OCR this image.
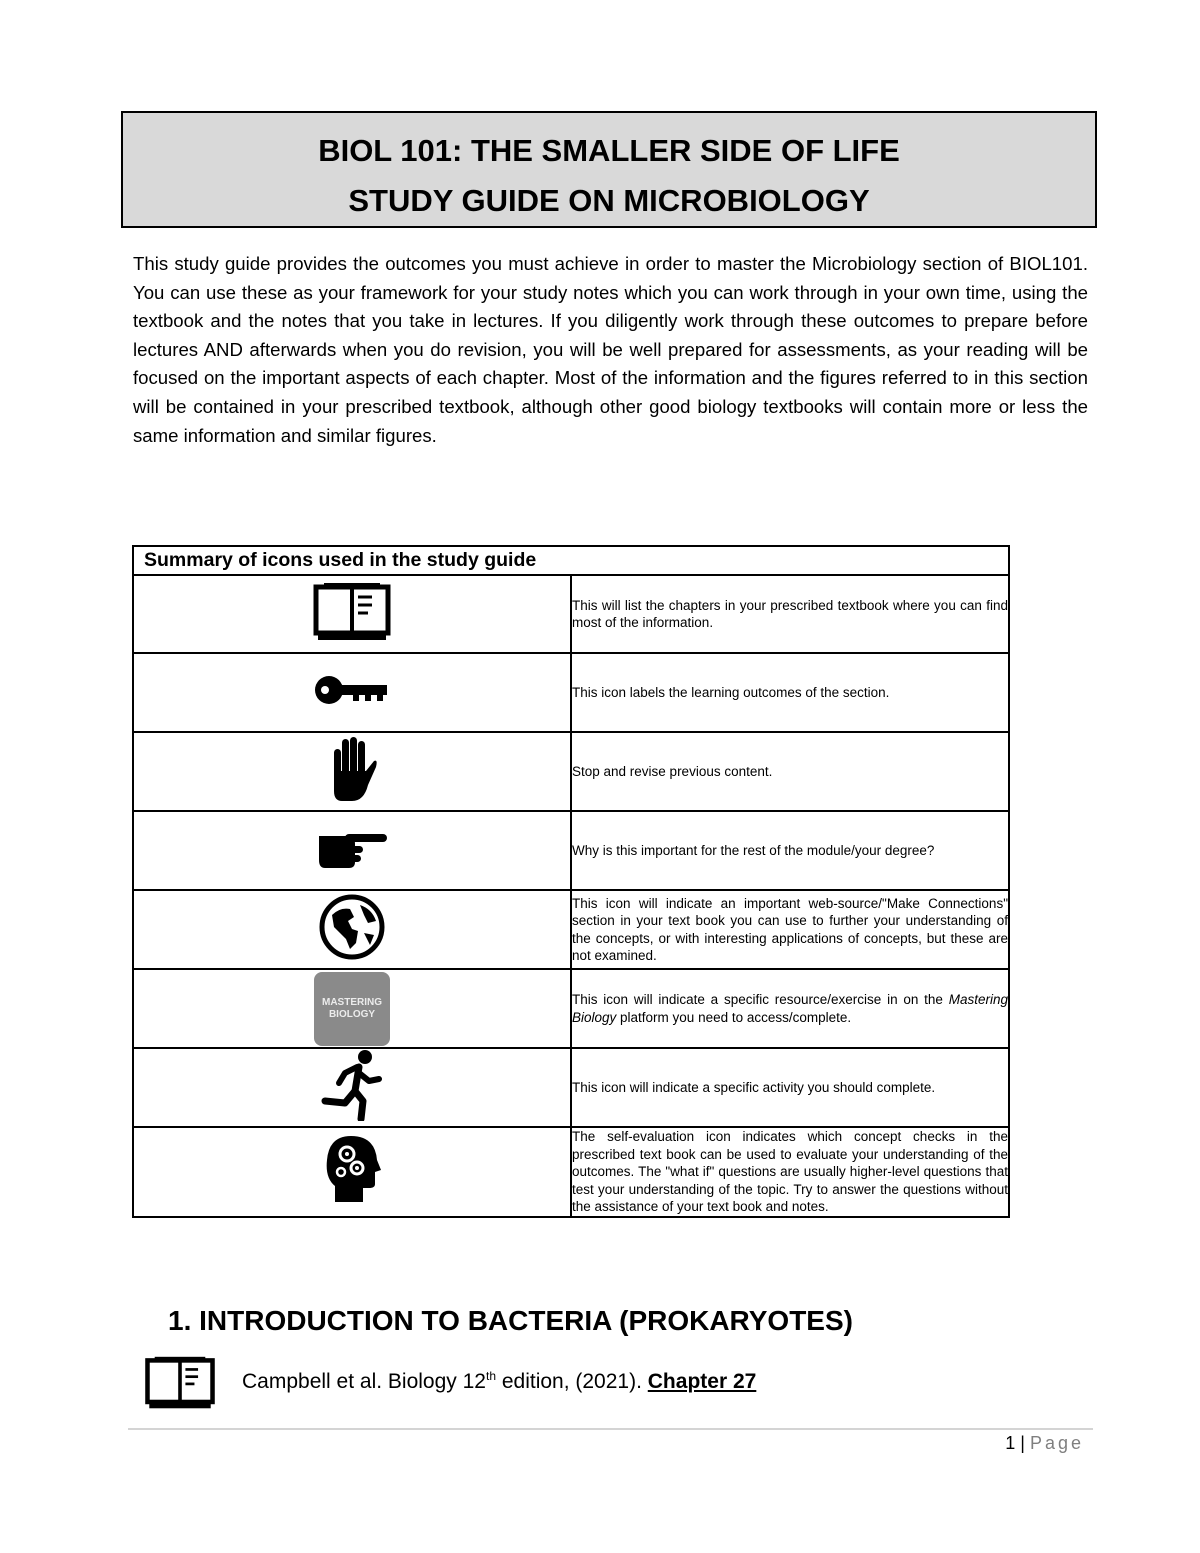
BIOL 101: THE SMALLER SIDE OF LIFE
STUDY GUIDE ON MICROBIOLOGY

This study guide provides the outcomes you must achieve in order to master the Microbiology section of BIOL101. You can use these as your framework for your study notes which you can work through in your own time, using the textbook and the notes that you take in lectures. If you diligently work through these outcomes to prepare before lectures AND afterwards when you do revision, you will be well prepared for assessments, as your reading will be focused on the important aspects of each chapter. Most of the information and the figures referred to in this section will be contained in your prescribed textbook, although other good biology textbooks will contain more or less the same information and similar figures.

Summary of icons used in the study guide	
	This will list the chapters in your prescribed textbook where you can find most of the information.
	This icon labels the learning outcomes of the section.
	Stop and revise previous content.
	Why is this important for the rest of the module/your degree?
	This icon will indicate an important web-source/"Make Connections" section in your text book you can use to further your understanding of the concepts, or with interesting applications of concepts, but these are not examined.

MASTERING
BIOLOGY	This icon will indicate a specific resource/exercise in on the Mastering Biology platform you need to access/complete.
	This icon will indicate a specific activity you should complete.
	The self-evaluation icon indicates which concept checks in the prescribed text book can be used to evaluate your understanding of the outcomes. The "what if" questions are usually higher-level questions that test your understanding of the topic. Try to answer the questions without the assistance of your text book and notes.
1. INTRODUCTION TO BACTERIA (PROKARYOTES)
Campbell et al. Biology 12th edition, (2021). Chapter 27
1 | Page
